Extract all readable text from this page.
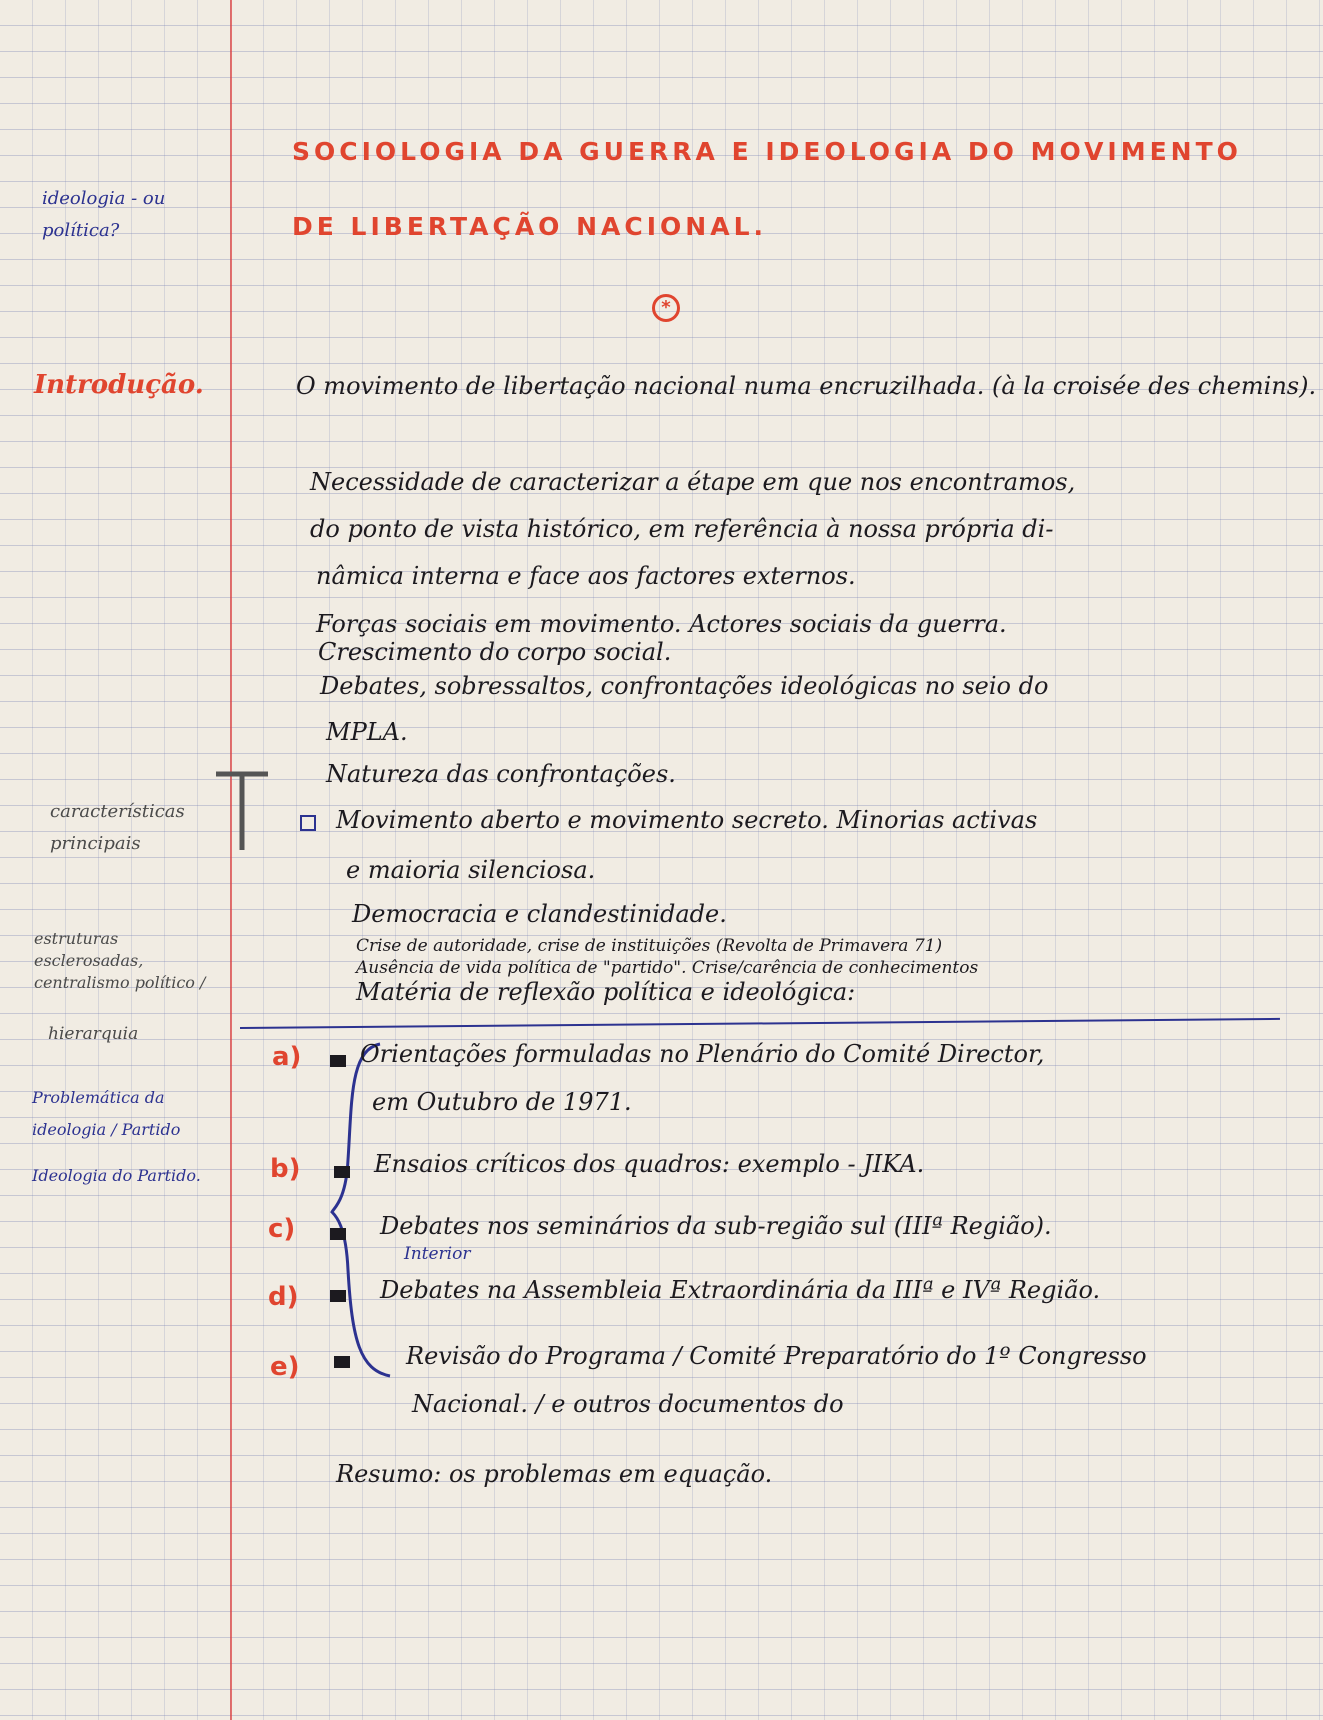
SOCIOLOGIA DA GUERRA E IDEOLOGIA DO MOVIMENTO
DE LIBERTAÇÃO NACIONAL.
*
ideologia - ou política?
Introdução.
características principais
estruturas esclerosadas, centralismo político /
hierarquia
Problemática da ideologia / Partido
Ideologia do Partido.
O movimento de libertação nacional numa encruzilhada. (à la croisée des chemins).
Necessidade de caracterizar a étape em que nos encontramos,
do ponto de vista histórico, em referência à nossa própria di-
nâmica interna e face aos factores externos.
Forças sociais em movimento. Actores sociais da guerra.
Crescimento do corpo social.
Debates, sobressaltos, confrontações ideológicas no seio do
MPLA.
Natureza das confrontações.
Movimento aberto e movimento secreto. Minorias activas
e maioria silenciosa.
Democracia e clandestinidade.
Crise de autoridade, crise de instituições (Revolta de Primavera 71)
Ausência de vida política de "partido". Crise/carência de conhecimentos
Matéria de reflexão política e ideológica:
a) Orientações formuladas no Plenário do Comité Director,
em Outubro de 1971.
b)	Ensaios críticos dos quadros: exemplo - JIKA.
c)	Debates nos seminários da sub-região sul (IIIª Região).
Interior
d)	Debates na Assembleia Extraordinária da IIIª e IVª Região.
e)	Revisão do Programa / Comité Preparatório do 1º Congresso
Nacional. / e outros documentos do
Resumo: os problemas em equação.
